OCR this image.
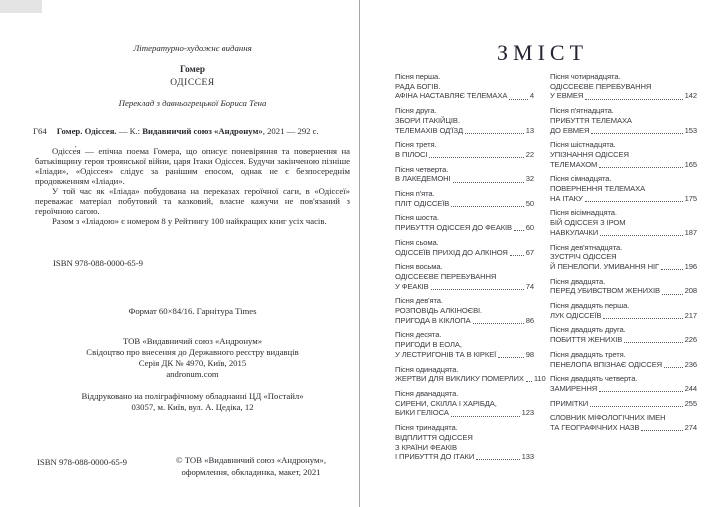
Літературно-художнє видання
Гомер
ОДІССЕЯ
Переклад з давньогрецької Бориса Тена
Г64 Гомер. Одіссея. — К.: Видавничий союз «Андронум», 2021 — 292 с.

Одіссе́я — епічна поема Гомера, що описує поневіряння та повернення на батьківщину героя троянської війни, царя Ітаки Одіссея. Будучи закінченою пізніше «Іліади», «Одіссея» слідує за ранішим епосом, однак не є безпосереднім продовженням «Іліади».

У той час як «Іліада» побудована на переказах героїчної саги, в «Одіссеї» переважає матеріал побутовий та казковий, власне кажучи не пов'язаний з героїчною сагою.

Разом з «Іліадою» є номером 8 у Рейтингу 100 найкращих книг усіх часів.

ISBN 978-088-0000-65-9
Формат 60×84/16. Гарнітура Times
ТОВ «Видавничий союз «Андронум»
Свідоцтво про внесення до Державного реєстру видавців
Серія ДК № 4970, Київ, 2015
andronum.com
Віддруковано на поліграфічному обладнанні ЦД «Постайл»
03057, м. Київ, вул. А. Цедіка, 12
ISBN 978-088-0000-65-9	© ТОВ «Видавничий союз «Андронум»,
оформлення, обкладинка, макет, 2021
ЗМІСТ
Пісня перша.
РАДА БОГІВ.
АФІНА НАСТАВЛЯЄ ТЕЛЕМАХА	4
Пісня друга.
ЗБОРИ ІТАКІЙЦІВ.
ТЕЛЕМАХІВ ОД'ЇЗД	13
Пісня третя.
В ПІЛОСІ	22
Пісня четверта.
В ЛАКЕДЕМОНІ	32
Пісня п'ята.
ПЛІТ ОДІССЕЇВ	50
Пісня шоста.
ПРИБУТТЯ ОДІССЕЯ ДО ФЕАКІВ 60
Пісня сьома.
ОДІССЕЇВ ПРИХІД ДО АЛКІНОЯ 67
Пісня восьма.
ОДІССЕЄВЕ ПЕРЕБУВАННЯ
У ФЕАКІВ	74
Пісня дев'ята.
РОЗПОВІДЬ АЛКІНОЄВІ.
ПРИГОДА В КІКЛОПА	86
Пісня десята.
ПРИГОДИ В ЕОЛА,
У ЛЕСТРИГОНІВ ТА В КІРКЕЇ	98
Пісня одинадцята.
ЖЕРТВИ ДЛЯ ВИКЛИКУ ПОМЕРЛИХ 110
Пісня дванадцята.
СИРЕНИ, СКІЛЛА І ХАРІБДА,
БИКИ ГЕЛІОСА	123
Пісня тринадцята.
ВІДПЛИТТЯ ОДІССЕЯ
З КРАЇНИ ФЕАКІВ
І ПРИБУТТЯ ДО ІТАКИ	133
Пісня чотирнадцята.
ОДІССЕЄВЕ ПЕРЕБУВАННЯ
У ЕВМЕЯ	142
Пісня п'ятнадцята.
ПРИБУТТЯ ТЕЛЕМАХА
ДО ЕВМЕЯ	153
Пісня шістнадцята.
УПІЗНАННЯ ОДІССЕЯ
ТЕЛЕМАХОМ	165
Пісня сімнадцята.
ПОВЕРНЕННЯ ТЕЛЕМАХА
НА ІТАКУ	175
Пісня вісімнадцята.
БІЙ ОДІССЕЯ З ІРОМ
НАВКУЛАЧКИ	187
Пісня дев'ятнадцята.
ЗУСТРІЧ ОДІССЕЯ
Й ПЕНЕЛОПИ. УМИВАННЯ НІГ	196
Пісня двадцята.
ПЕРЕД УБИВСТВОМ ЖЕНИХІВ	208
Пісня двадцять перша.
ЛУК ОДІССЕЇВ	217
Пісня двадцять друга.
ПОБИТТЯ ЖЕНИХІВ	226
Пісня двадцять третя.
ПЕНЕЛОПА ВПІЗНАЄ ОДІССЕЯ	236
Пісня двадцять четверта.
ЗАМИРЕННЯ	244
ПРИМІТКИ	255
СЛОВНИК МІФОЛОГІЧНИХ ІМЕН
ТА ГЕОГРАФІЧНИХ НАЗВ	274
